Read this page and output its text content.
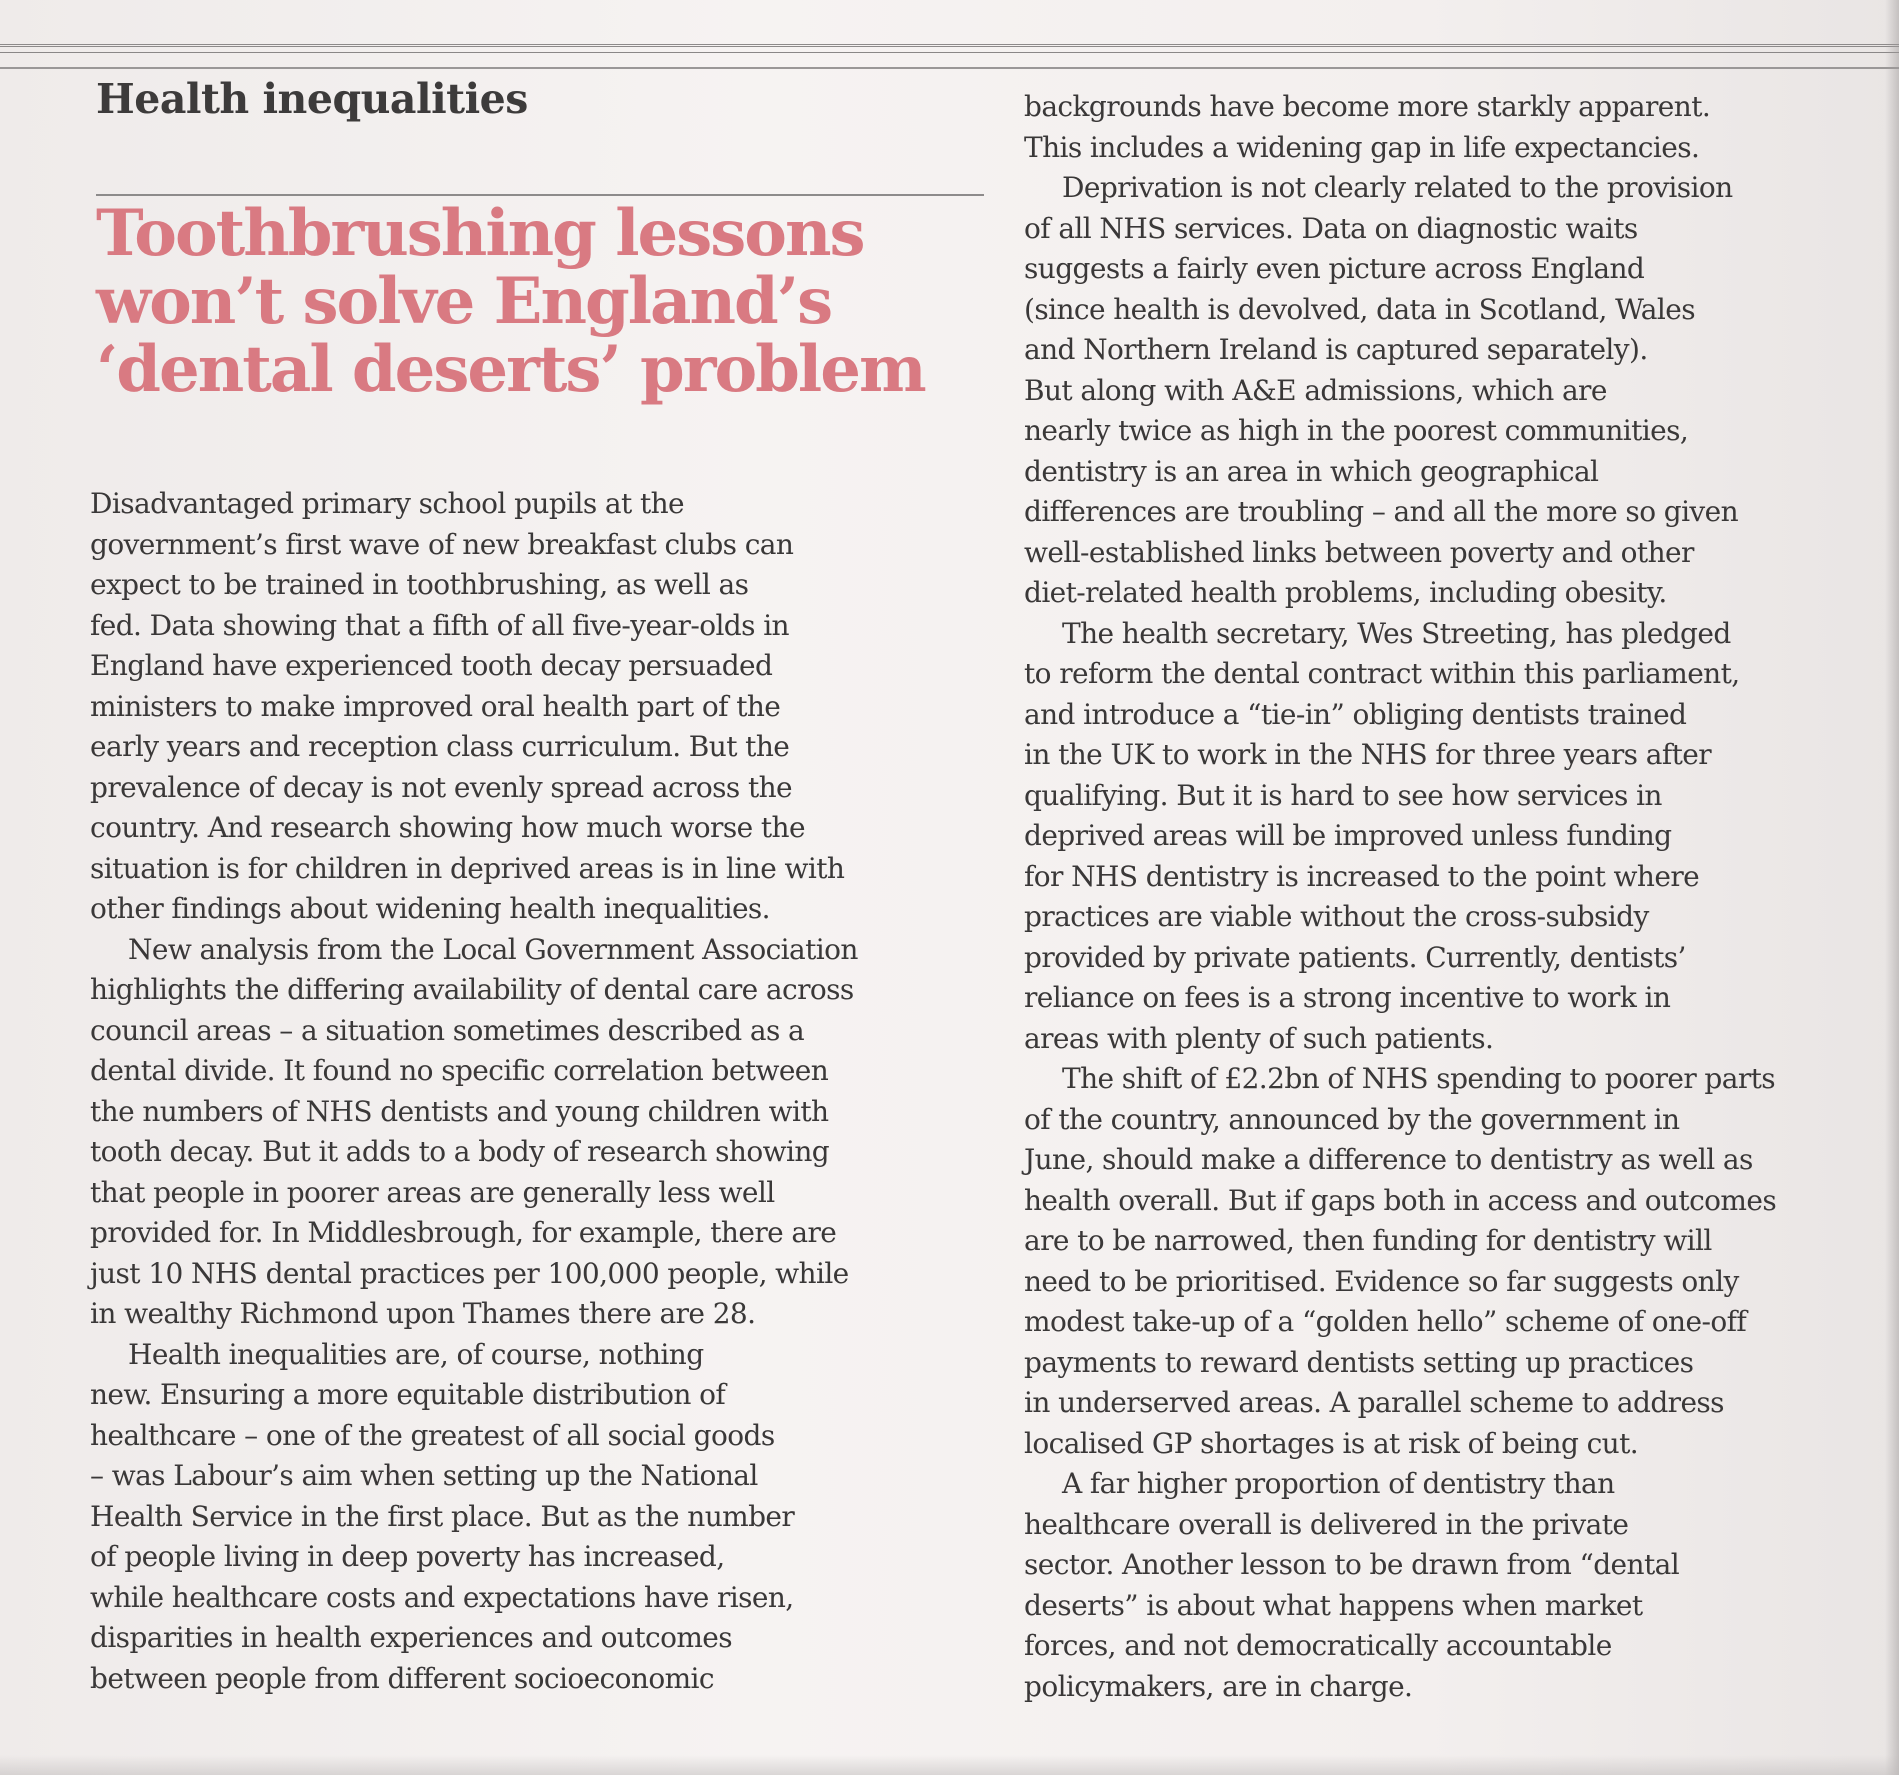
Health inequalities
Toothbrushing lessons
won’t solve England’s
‘dental deserts’ problem
Disadvantaged primary school pupils at the
government’s first wave of new breakfast clubs can
expect to be trained in toothbrushing, as well as
fed. Data showing that a fifth of all five-year-olds in
England have experienced tooth decay persuaded
ministers to make improved oral health part of the
early years and reception class curriculum. But the
prevalence of decay is not evenly spread across the
country. And research showing how much worse the
situation is for children in deprived areas is in line with
other findings about widening health inequalities.
New analysis from the Local Government Association
highlights the differing availability of dental care across
council areas – a situation sometimes described as a
dental divide. It found no specific correlation between
the numbers of NHS dentists and young children with
tooth decay. But it adds to a body of research showing
that people in poorer areas are generally less well
provided for. In Middlesbrough, for example, there are
just 10 NHS dental practices per 100,000 people, while
in wealthy Richmond upon Thames there are 28.
Health inequalities are, of course, nothing
new. Ensuring a more equitable distribution of
healthcare – one of the greatest of all social goods
– was Labour’s aim when setting up the National
Health Service in the first place. But as the number
of people living in deep poverty has increased,
while healthcare costs and expectations have risen,
disparities in health experiences and outcomes
between people from different socioeconomic
backgrounds have become more starkly apparent.
This includes a widening gap in life expectancies.
Deprivation is not clearly related to the provision
of all NHS services. Data on diagnostic waits
suggests a fairly even picture across England
(since health is devolved, data in Scotland, Wales
and Northern Ireland is captured separately).
But along with A&E admissions, which are
nearly twice as high in the poorest communities,
dentistry is an area in which geographical
differences are troubling – and all the more so given
well-established links between poverty and other
diet-related health problems, including obesity.
The health secretary, Wes Streeting, has pledged
to reform the dental contract within this parliament,
and introduce a “tie-in” obliging dentists trained
in the UK to work in the NHS for three years after
qualifying. But it is hard to see how services in
deprived areas will be improved unless funding
for NHS dentistry is increased to the point where
practices are viable without the cross-subsidy
provided by private patients. Currently, dentists’
reliance on fees is a strong incentive to work in
areas with plenty of such patients.
The shift of £2.2bn of NHS spending to poorer parts
of the country, announced by the government in
June, should make a difference to dentistry as well as
health overall. But if gaps both in access and outcomes
are to be narrowed, then funding for dentistry will
need to be prioritised. Evidence so far suggests only
modest take-up of a “golden hello” scheme of one-off
payments to reward dentists setting up practices
in underserved areas. A parallel scheme to address
localised GP shortages is at risk of being cut.
A far higher proportion of dentistry than
healthcare overall is delivered in the private
sector. Another lesson to be drawn from “dental
deserts” is about what happens when market
forces, and not democratically accountable
policymakers, are in charge.
